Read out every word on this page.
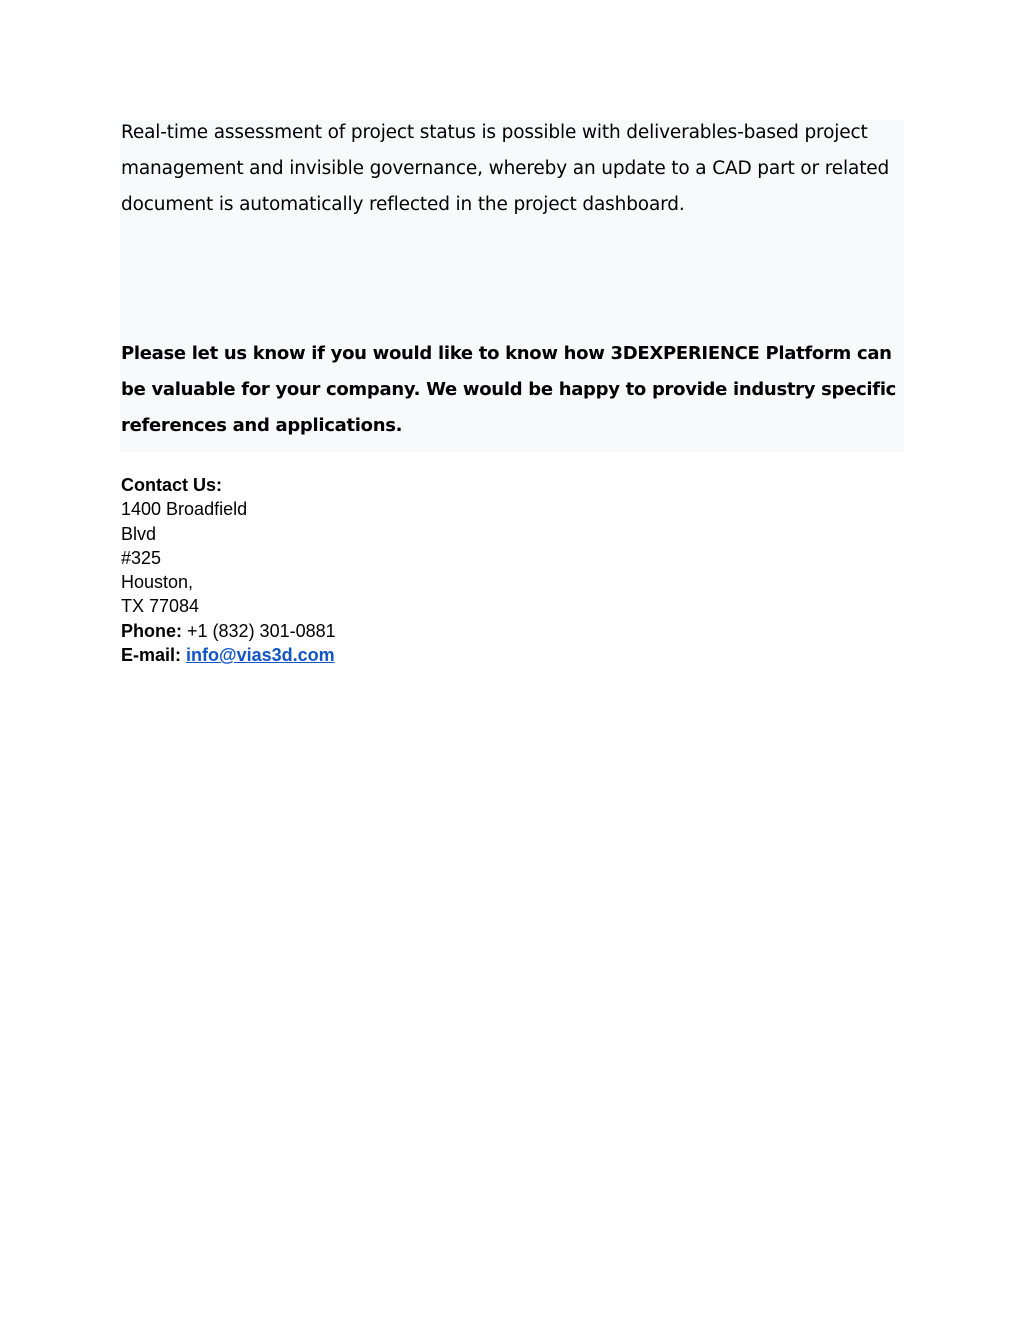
Real-time assessment of project status is possible with deliverables-based project management and invisible governance, whereby an update to a CAD part or related document is automatically reflected in the project dashboard.

Please let us know if you would like to know how 3DEXPERIENCE Platform can be valuable for your company. We would be happy to provide industry specific references and applications.

Contact Us:
1400 Broadfield
Blvd
#325
Houston,
TX 77084
Phone: +1 (832) 301-0881
E-mail: info@vias3d.com
